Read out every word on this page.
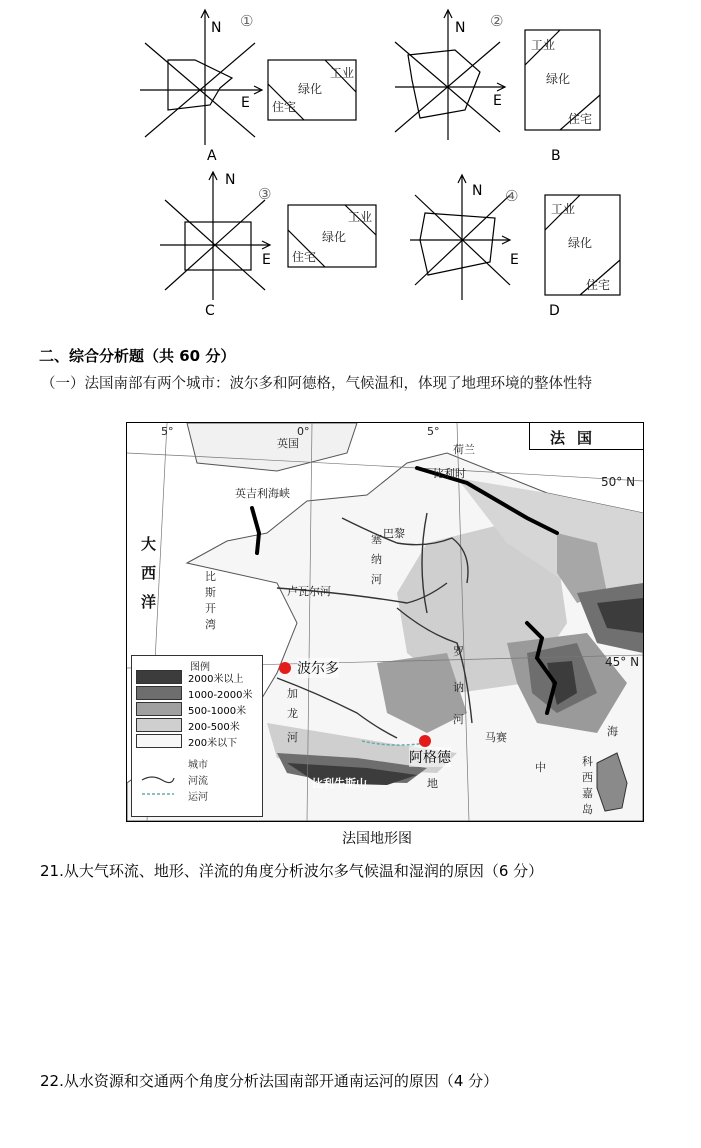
N
E
①
工业
绿化
住宅
A
N
E
②
工业
绿化
住宅
B
N
E
③
工业
绿化
住宅
C
N
E
④
工业
绿化
住宅
D
二、综合分析题（共 60 分）
（一）法国南部有两个城市：波尔多和阿德格，气候温和，体现了地理环境的整体性特
5°	0°	5°
50° N
45° N
法国
英国	荷兰
比利时
英吉利海峡
大
西
洋
比
斯
开
湾
巴黎
塞
纳
河
卢瓦尔河
波尔多
阿格德
比利牛斯山
加
龙
河
罗
讷
河
马赛
地
中
海
科
西
嘉
岛
图例
2000米以上
1000-2000米
500-1000米
200-500米
200米以下
城市
河流
运河
法国地形图
21.从大气环流、地形、洋流的角度分析波尔多气候温和湿润的原因（6 分）
22.从水资源和交通两个角度分析法国南部开通南运河的原因（4 分）
